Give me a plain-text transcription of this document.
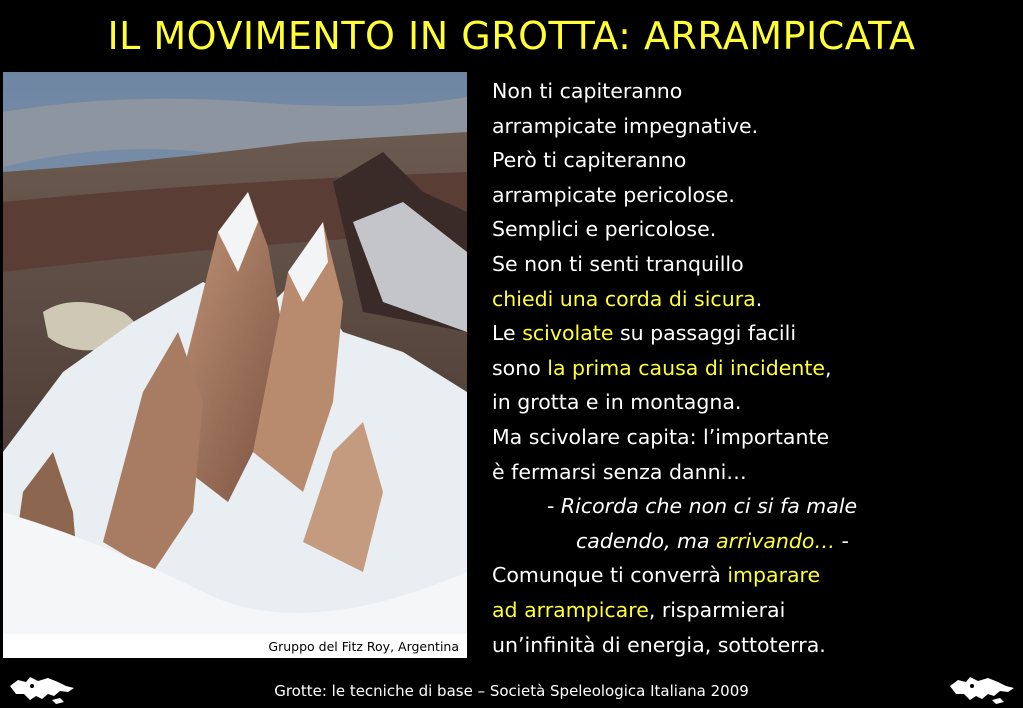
IL MOVIMENTO IN GROTTA: ARRAMPICATA
Gruppo del Fitz Roy, Argentina
Non ti capiteranno
arrampicate impegnative.
Però ti capiteranno
arrampicate pericolose.
Semplici e pericolose.
Se non ti senti tranquillo
chiedi una corda di sicura.
Le scivolate su passaggi facili
sono la prima causa di incidente,
in grotta e in montagna.
Ma scivolare capita: l’importante
è fermarsi senza danni…
- Ricorda che non ci si fa male
cadendo, ma arrivando… -
Comunque ti converrà imparare
ad arrampicare, risparmierai
un’infinità di energia, sottoterra.
Grotte: le tecniche di base – Società Speleologica Italiana 2009
